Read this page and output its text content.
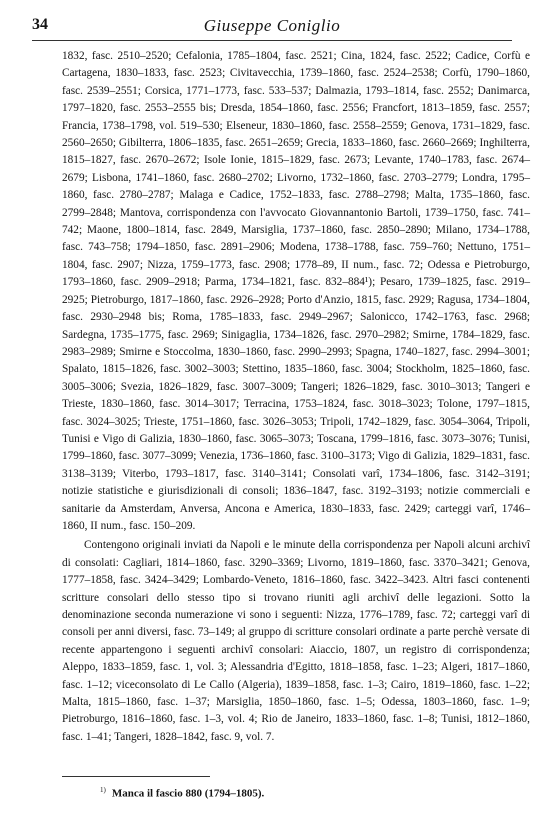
34	Giuseppe Coniglio

1832, fasc. 2510–2520; Cefalonia, 1785–1804, fasc. 2521; Cina, 1824, fasc. 2522; Cadice, Corfù e Cartagena, 1830–1833, fasc. 2523; Civitavecchia, 1739–1860, fasc. 2524–2538; Corfù, 1790–1860, fasc. 2539–2551; Corsica, 1771–1773, fasc. 533–537; Dalmazia, 1793–1814, fasc. 2552; Danimarca, 1797–1820, fasc. 2553–2555 bis; Dresda, 1854–1860, fasc. 2556; Francfort, 1813–1859, fasc. 2557; Francia, 1738–1798, vol. 519–530; Elseneur, 1830–1860, fasc. 2558–2559; Genova, 1731–1829, fasc. 2560–2650; Gibilterra, 1806–1835, fasc. 2651–2659; Grecia, 1833–1860, fasc. 2660–2669; Inghilterra, 1815–1827, fasc. 2670–2672; Isole Ionie, 1815–1829, fasc. 2673; Levante, 1740–1783, fasc. 2674–2679; Lisbona, 1741–1860, fasc. 2680–2702; Livorno, 1732–1860, fasc. 2703–2779; Londra, 1795–1860, fasc. 2780–2787; Malaga e Cadice, 1752–1833, fasc. 2788–2798; Malta, 1735–1860, fasc. 2799–2848; Mantova, corrispondenza con l'avvocato Giovannantonio Bartoli, 1739–1750, fasc. 741–742; Maone, 1800–1814, fasc. 2849, Marsiglia, 1737–1860, fasc. 2850–2890; Milano, 1734–1788, fasc. 743–758; 1794–1850, fasc. 2891–2906; Modena, 1738–1788, fasc. 759–760; Nettuno, 1751–1804, fasc. 2907; Nizza, 1759–1773, fasc. 2908; 1778–89, II num., fasc. 72; Odessa e Pietroburgo, 1793–1860, fasc. 2909–2918; Parma, 1734–1821, fasc. 832–884¹); Pesaro, 1739–1825, fasc. 2919–2925; Pietroburgo, 1817–1860, fasc. 2926–2928; Porto d'Anzio, 1815, fasc. 2929; Ragusa, 1734–1804, fasc. 2930–2948 bis; Roma, 1785–1833, fasc. 2949–2967; Salonicco, 1742–1763, fasc. 2968; Sardegna, 1735–1775, fasc. 2969; Sinigaglia, 1734–1826, fasc. 2970–2982; Smirne, 1784–1829, fasc. 2983–2989; Smirne e Stoccolma, 1830–1860, fasc. 2990–2993; Spagna, 1740–1827, fasc. 2994–3001; Spalato, 1815–1826, fasc. 3002–3003; Stettino, 1835–1860, fasc. 3004; Stockholm, 1825–1860, fasc. 3005–3006; Svezia, 1826–1829, fasc. 3007–3009; Tangeri; 1826–1829, fasc. 3010–3013; Tangeri e Trieste, 1830–1860, fasc. 3014–3017; Terracina, 1753–1824, fasc. 3018–3023; Tolone, 1797–1815, fasc. 3024–3025; Trieste, 1751–1860, fasc. 3026–3053; Tripoli, 1742–1829, fasc. 3054–3064, Tripoli, Tunisi e Vigo di Galizia, 1830–1860, fasc. 3065–3073; Toscana, 1799–1816, fasc. 3073–3076; Tunisi, 1799–1860, fasc. 3077–3099; Venezia, 1736–1860, fasc. 3100–3173; Vigo di Galizia, 1829–1831, fasc. 3138–3139; Viterbo, 1793–1817, fasc. 3140–3141; Consolati varî, 1734–1806, fasc. 3142–3191; notizie statistiche e giurisdizionali di consoli; 1836–1847, fasc. 3192–3193; notizie commerciali e sanitarie da Amsterdam, Anversa, Ancona e America, 1830–1833, fasc. 2429; carteggi varî, 1746–1860, II num., fasc. 150–209.

Contengono originali inviati da Napoli e le minute della corrispondenza per Napoli alcuni archivî di consolati: Cagliari, 1814–1860, fasc. 3290–3369; Livorno, 1819–1860, fasc. 3370–3421; Genova, 1777–1858, fasc. 3424–3429; Lombardo-Veneto, 1816–1860, fasc. 3422–3423. Altri fasci contenenti scritture consolari dello stesso tipo si trovano riuniti agli archivî delle legazioni. Sotto la denominazione seconda numerazione vi sono i seguenti: Nizza, 1776–1789, fasc. 72; carteggi varî di consoli per anni diversi, fasc. 73–149; al gruppo di scritture consolari ordinate a parte perchè versate di recente appartengono i seguenti archivî consolari: Aiaccio, 1807, un registro di corrispondenza; Aleppo, 1833–1859, fasc. 1, vol. 3; Alessandria d'Egitto, 1818–1858, fasc. 1–23; Algeri, 1817–1860, fasc. 1–12; viceconsolato di Le Callo (Algeria), 1839–1858, fasc. 1–3; Cairo, 1819–1860, fasc. 1–22; Malta, 1815–1860, fasc. 1–37; Marsiglia, 1850–1860, fasc. 1–5; Odessa, 1803–1860, fasc. 1–9; Pietroburgo, 1816–1860, fasc. 1–3, vol. 4; Rio de Janeiro, 1833–1860, fasc. 1–8; Tunisi, 1812–1860, fasc. 1–41; Tangeri, 1828–1842, fasc. 9, vol. 7.

$^{1)}$ Manca il fascio 880 (1794–1805).
